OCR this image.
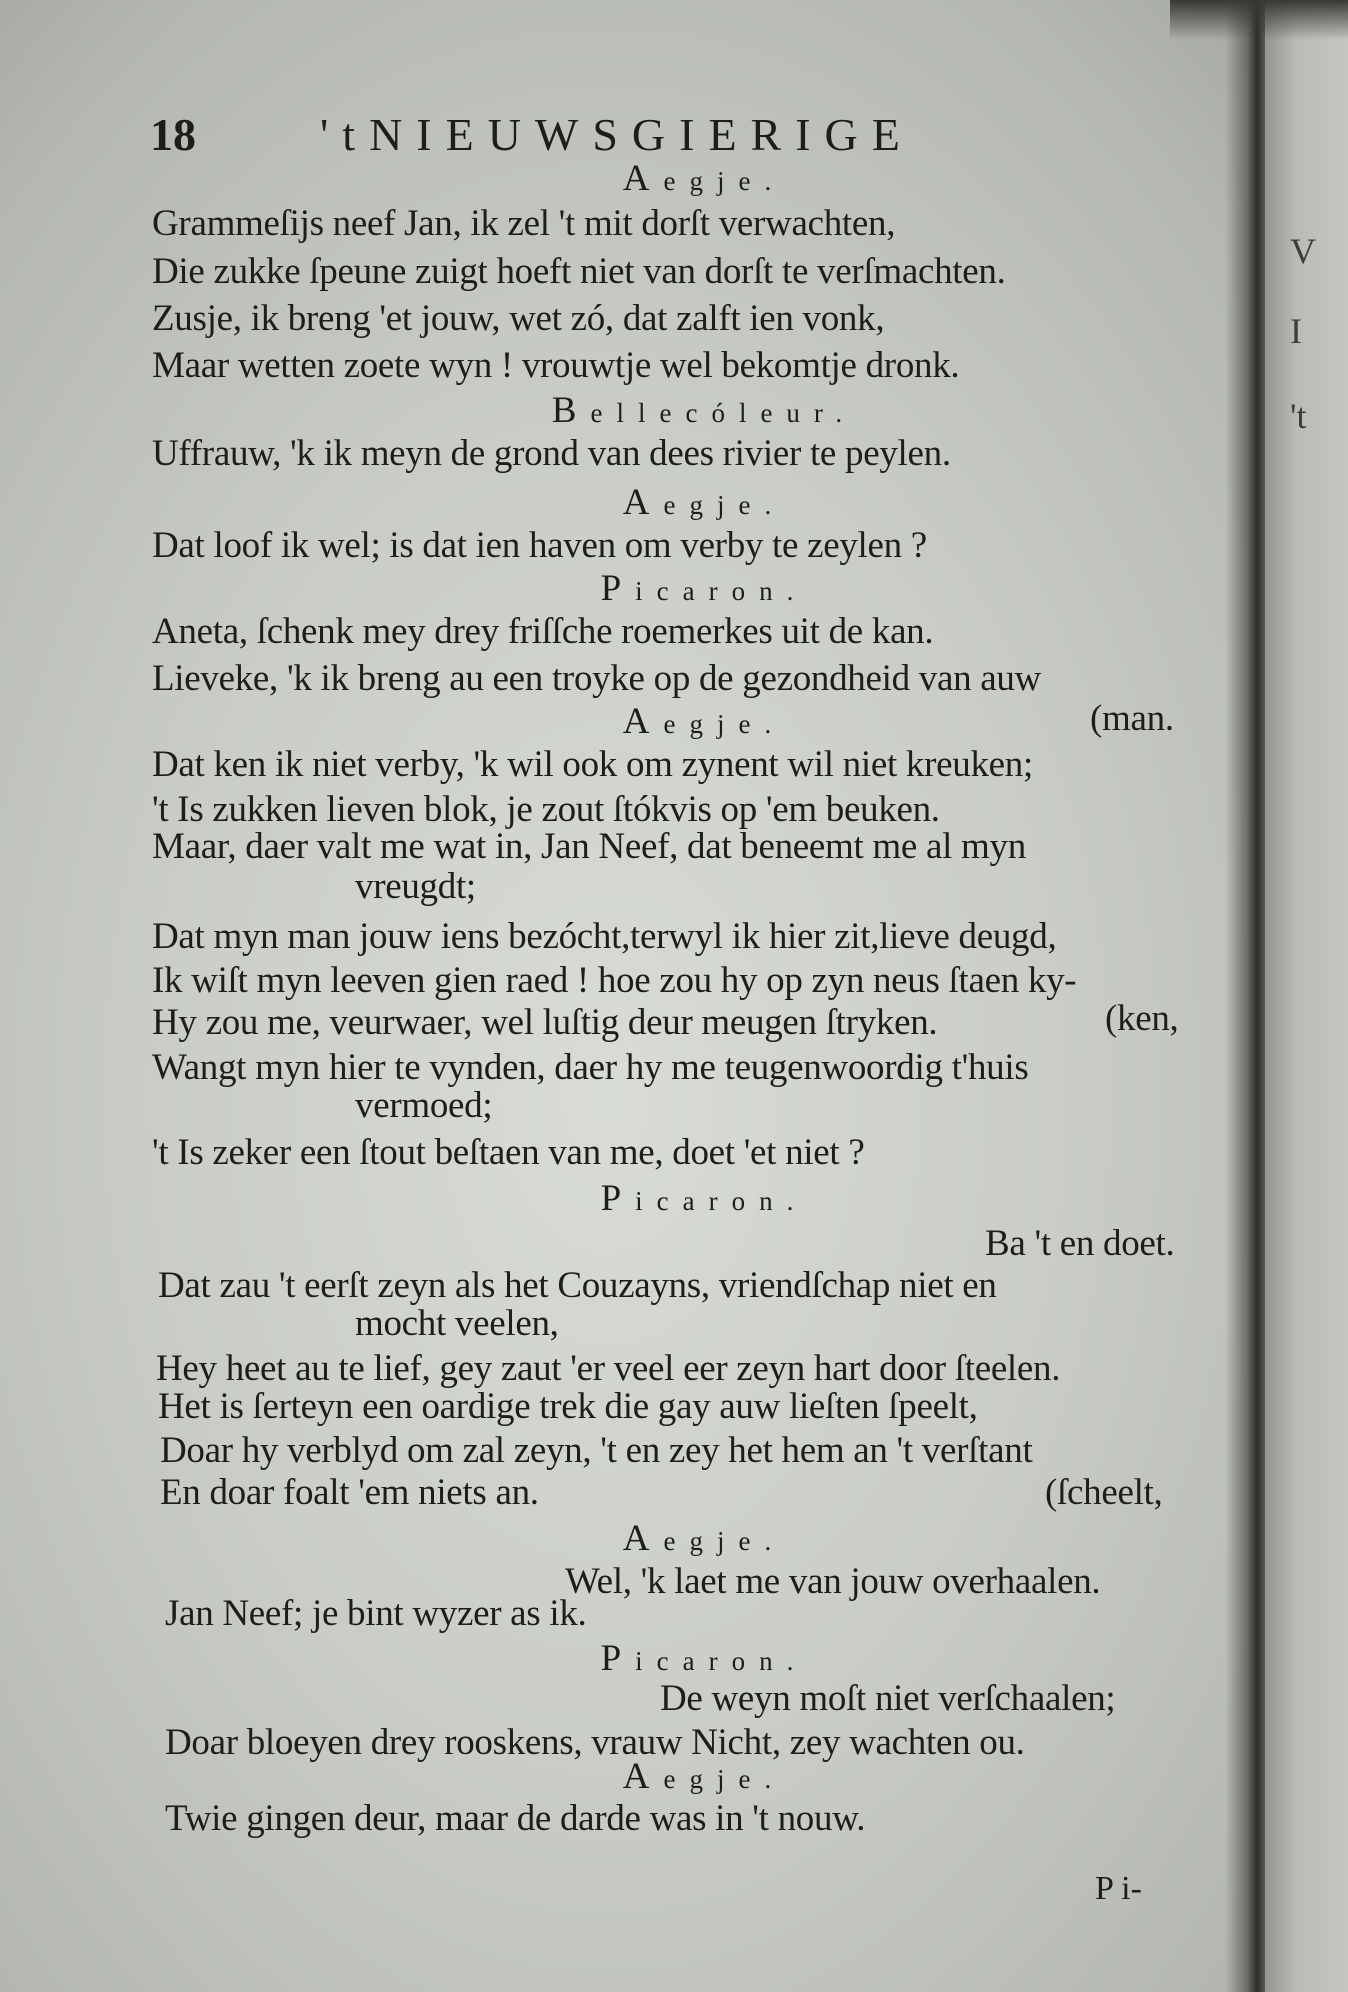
V
I
't
18	'tNIEUWSGIERIGE
Aegje.
Grammeſijs neef Jan, ik zel 't mit dorſt verwachten,
Die zukke ſpeune zuigt hoeft niet van dorſt te verſmachten.
Zusje, ik breng 'et jouw, wet zó, dat zalft ien vonk,
Maar wetten zoete wyn ! vrouwtje wel bekomtje dronk.
Bellecóleur.
Uffrauw, 'k ik meyn de grond van dees rivier te peylen.
Aegje.
Dat loof ik wel; is dat ien haven om verby te zeylen ?
Picaron.
Aneta, ſchenk mey drey friſſche roemerkes uit de kan.
Lieveke, 'k ik breng au een troyke op de gezondheid van auw
Aegje.	(man.
Dat ken ik niet verby, 'k wil ook om zynent wil niet kreuken;
't Is zukken lieven blok, je zout ſtókvis op 'em beuken.
Maar, daer valt me wat in, Jan Neef, dat beneemt me al myn
vreugdt;
Dat myn man jouw iens bezócht,terwyl ik hier zit,lieve deugd,
Ik wiſt myn leeven gien raed ! hoe zou hy op zyn neus ſtaen ky-
Hy zou me, veurwaer, wel luſtig deur meugen ſtryken.	(ken,
Wangt myn hier te vynden, daer hy me teugenwoordig t'huis
vermoed;
't Is zeker een ſtout beſtaen van me, doet 'et niet ?
Picaron.
Ba 't en doet.
Dat zau 't eerſt zeyn als het Couzayns, vriendſchap niet en
mocht veelen,
Hey heet au te lief, gey zaut 'er veel eer zeyn hart door ſteelen.
Het is ſerteyn een oardige trek die gay auw lieſten ſpeelt,
Doar hy verblyd om zal zeyn, 't en zey het hem an 't verſtant
En doar foalt 'em niets an.	(ſcheelt,
Aegje.
Wel, 'k laet me van jouw overhaalen.
Jan Neef; je bint wyzer as ik.
Picaron.
De weyn moſt niet verſchaalen;
Doar bloeyen drey rooskens, vrauw Nicht, zey wachten ou.
Aegje.
Twie gingen deur, maar de darde was in 't nouw.
P i-
